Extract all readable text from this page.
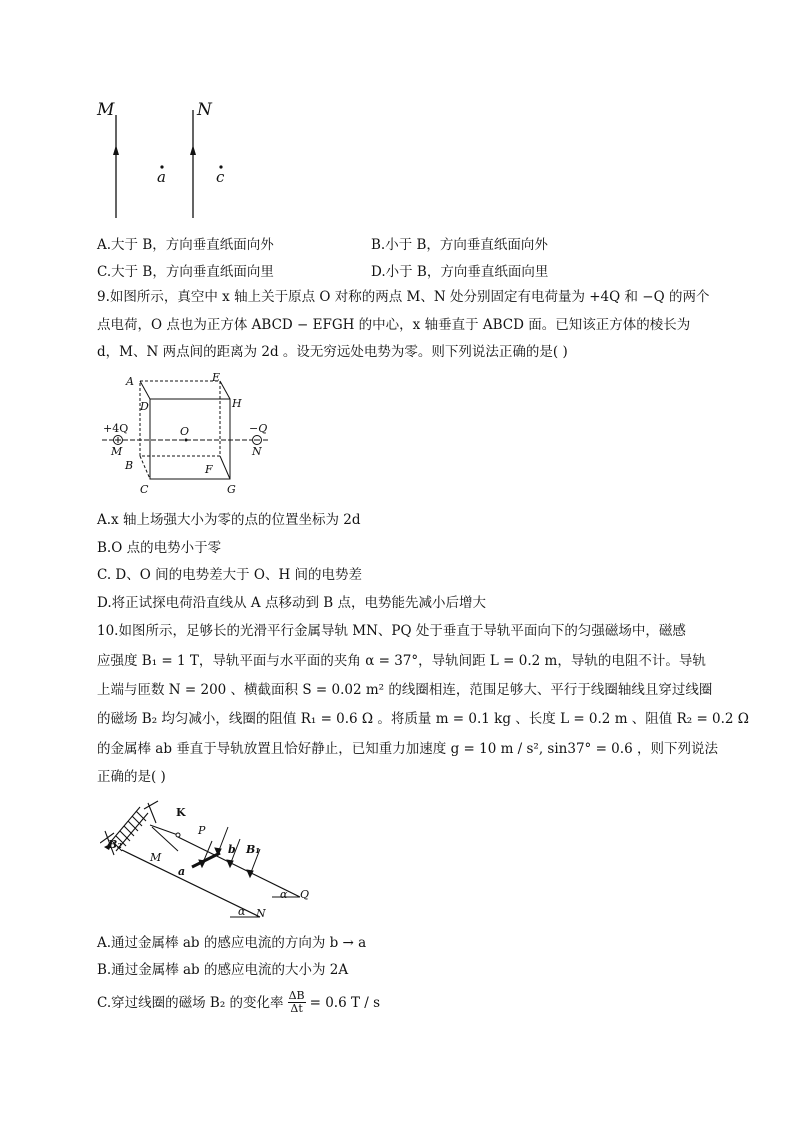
M	N
a	c
A.大于 B，方向垂直纸面向外	B.小于 B，方向垂直纸面向外
C.大于 B，方向垂直纸面向里	D.小于 B，方向垂直纸面向里
9.如图所示，真空中 x 轴上关于原点 O 对称的两点 M、N 处分别固定有电荷量为 +4Q 和 −Q 的两个
点电荷，O 点也为正方体 ABCD − EFGH 的中心，x 轴垂直于 ABCD 面。已知该正方体的棱长为
d，M、N 两点间的距离为 2d 。设无穷远处电势为零。则下列说法正确的是( )
A
D
E
H
O
+4Q	−Q
M	N
B	F
C	G
A.x 轴上场强大小为零的点的位置坐标为 2d
B.O 点的电势小于零
C. D、O 间的电势差大于 O、H 间的电势差
D.将正试探电荷沿直线从 A 点移动到 B 点，电势能先减小后增大
10.如图所示，足够长的光滑平行金属导轨 MN、PQ 处于垂直于导轨平面向下的匀强磁场中，磁感
应强度 B₁ = 1 T，导轨平面与水平面的夹角 α = 37°，导轨间距 L = 0.2 m，导轨的电阻不计。导轨
上端与匝数 N = 200 、横截面积 S = 0.02 m² 的线圈相连，范围足够大、平行于线圈轴线且穿过线圈
的磁场 B₂ 均匀减小，线圈的阻值 R₁ = 0.6 Ω 。将质量 m = 0.1 kg 、长度 L = 0.2 m 、阻值 R₂ = 0.2 Ω
的金属棒 ab 垂直于导轨放置且恰好静止，已知重力加速度 g = 10 m / s², sin37° = 0.6 ，则下列说法
正确的是( )
K
P
B₂	b B₁
M
a
α Q
α N
A.通过金属棒 ab 的感应电流的方向为 b → a
B.通过金属棒 ab 的感应电流的大小为 2A
C.穿过线圈的磁场 B₂ 的变化率 $\frac{\Delta B}{\Delta t} = 0.6$ T / s
